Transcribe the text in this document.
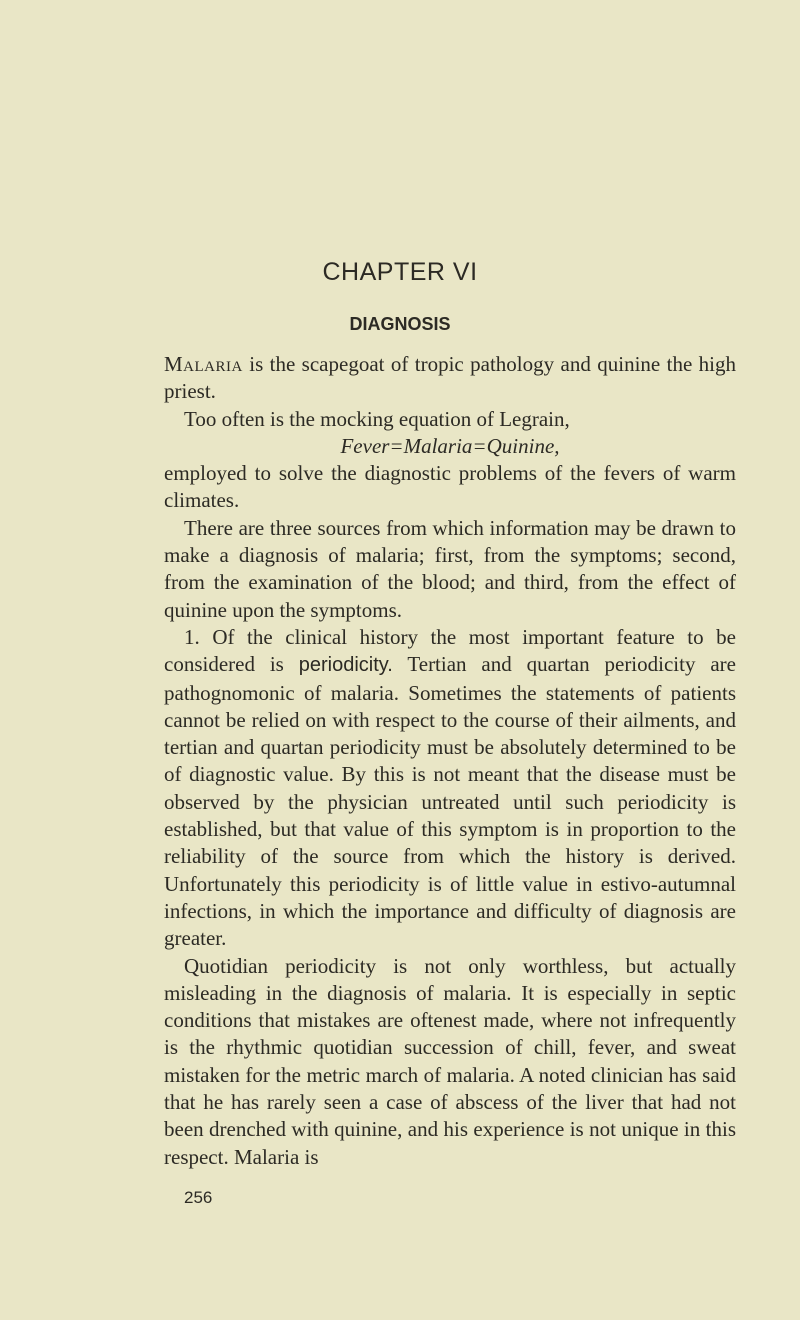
CHAPTER VI
DIAGNOSIS

Malaria is the scapegoat of tropic pathology and quinine the high priest.

Too often is the mocking equation of Legrain,

Fever=Malaria=Quinine,

employed to solve the diagnostic problems of the fevers of warm climates.

There are three sources from which information may be drawn to make a diagnosis of malaria; first, from the symptoms; second, from the examination of the blood; and third, from the effect of quinine upon the symptoms.

1. Of the clinical history the most important feature to be considered is periodicity. Tertian and quartan periodicity are pathognomonic of malaria. Sometimes the statements of patients cannot be relied on with respect to the course of their ailments, and tertian and quartan periodicity must be absolutely determined to be of diagnostic value. By this is not meant that the disease must be observed by the physician untreated until such periodicity is established, but that value of this symptom is in proportion to the reliability of the source from which the history is derived. Unfortunately this periodicity is of little value in estivo-autumnal infections, in which the importance and difficulty of diagnosis are greater.

Quotidian periodicity is not only worthless, but actually misleading in the diagnosis of malaria. It is especially in septic conditions that mistakes are oftenest made, where not infrequently is the rhythmic quotidian succession of chill, fever, and sweat mistaken for the metric march of malaria. A noted clinician has said that he has rarely seen a case of abscess of the liver that had not been drenched with quinine, and his experience is not unique in this respect. Malaria is

256
